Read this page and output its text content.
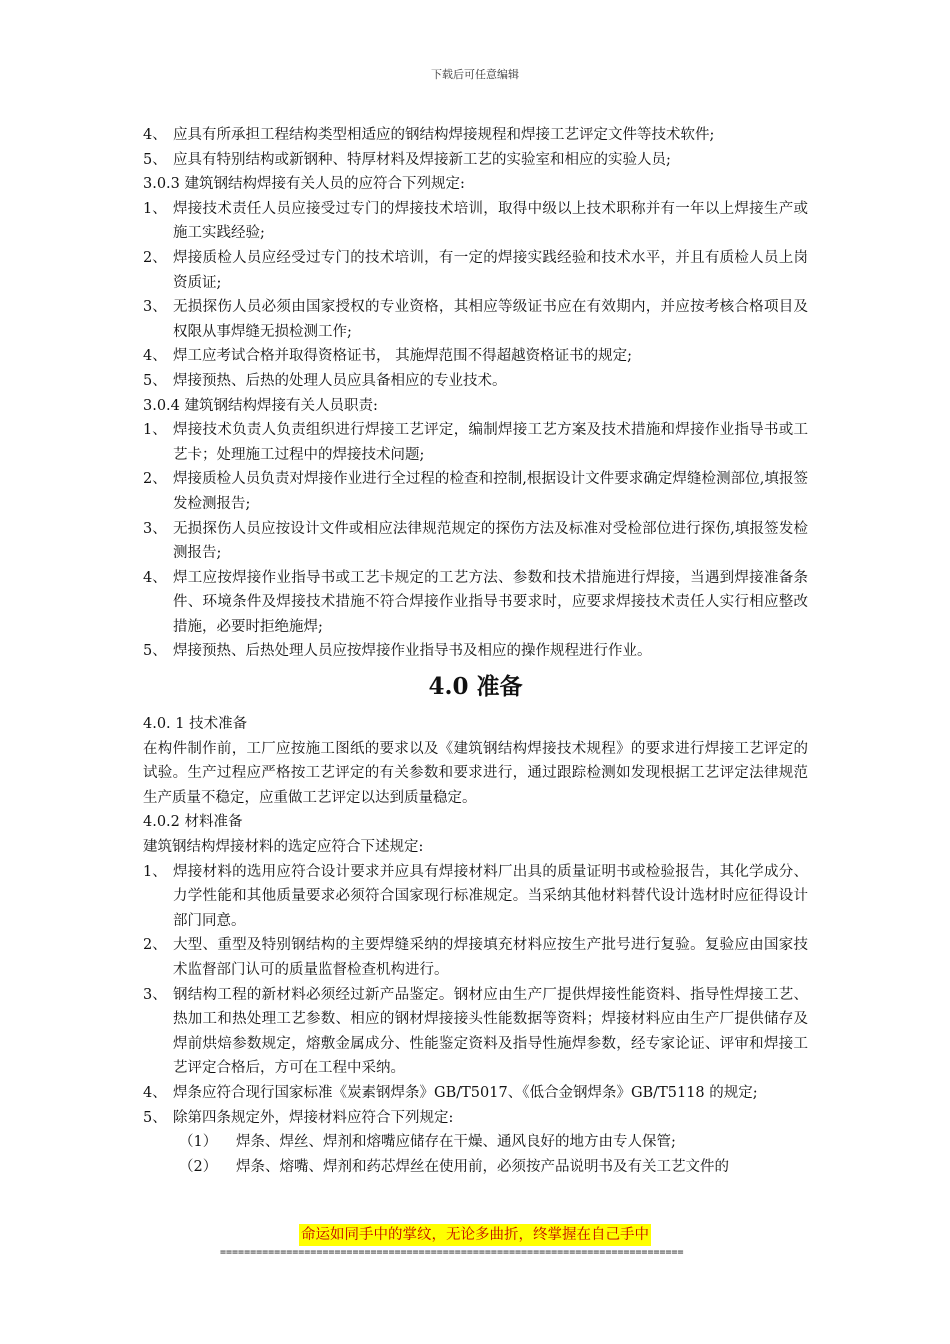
下载后可任意编辑
4、 应具有所承担工程结构类型相适应的钢结构焊接规程和焊接工艺评定文件等技术软件;
5、 应具有特别结构或新钢种、特厚材料及焊接新工艺的实验室和相应的实验人员;
3.0.3 建筑钢结构焊接有关人员的应符合下列规定:
1、 焊接技术责任人员应接受过专门的焊接技术培训，取得中级以上技术职称并有一年以上焊接生产或施工实践经验;
2、 焊接质检人员应经受过专门的技术培训，有一定的焊接实践经验和技术水平，并且有质检人员上岗资质证;
3、 无损探伤人员必须由国家授权的专业资格，其相应等级证书应在有效期内，并应按考核合格项目及权限从事焊缝无损检测工作;
4、 焊工应考试合格并取得资格证书， 其施焊范围不得超越资格证书的规定;
5、 焊接预热、后热的处理人员应具备相应的专业技术。
3.0.4 建筑钢结构焊接有关人员职责:
1、 焊接技术负责人负责组织进行焊接工艺评定，编制焊接工艺方案及技术措施和焊接作业指导书或工艺卡；处理施工过程中的焊接技术问题;
2、 焊接质检人员负责对焊接作业进行全过程的检查和控制,根据设计文件要求确定焊缝检测部位,填报签发检测报告;
3、 无损探伤人员应按设计文件或相应法律规范规定的探伤方法及标准对受检部位进行探伤,填报签发检测报告;
4、 焊工应按焊接作业指导书或工艺卡规定的工艺方法、参数和技术措施进行焊接，当遇到焊接准备条件、环境条件及焊接技术措施不符合焊接作业指导书要求时，应要求焊接技术责任人实行相应整改措施，必要时拒绝施焊;
5、 焊接预热、后热处理人员应按焊接作业指导书及相应的操作规程进行作业。
4.0 准备
4.0. 1 技术准备
在构件制作前，工厂应按施工图纸的要求以及《建筑钢结构焊接技术规程》的要求进行焊接工艺评定的试验。生产过程应严格按工艺评定的有关参数和要求进行，通过跟踪检测如发现根据工艺评定法律规范生产质量不稳定，应重做工艺评定以达到质量稳定。
4.0.2 材料准备
建筑钢结构焊接材料的选定应符合下述规定:
1、 焊接材料的选用应符合设计要求并应具有焊接材料厂出具的质量证明书或检验报告，其化学成分、力学性能和其他质量要求必须符合国家现行标准规定。当采纳其他材料替代设计选材时应征得设计部门同意。
2、 大型、重型及特别钢结构的主要焊缝采纳的焊接填充材料应按生产批号进行复验。复验应由国家技术监督部门认可的质量监督检查机构进行。
3、 钢结构工程的新材料必须经过新产品鉴定。钢材应由生产厂提供焊接性能资料、指导性焊接工艺、热加工和热处理工艺参数、相应的钢材焊接接头性能数据等资料；焊接材料应由生产厂提供储存及焊前烘焙参数规定，熔敷金属成分、性能鉴定资料及指导性施焊参数，经专家论证、评审和焊接工艺评定合格后，方可在工程中采纳。
4、 焊条应符合现行国家标准《炭素钢焊条》GB/T5017、《低合金钢焊条》GB/T5118 的规定;
5、 除第四条规定外，焊接材料应符合下列规定:
（1）	焊条、焊丝、焊剂和熔嘴应储存在干燥、通风良好的地方由专人保管;
（2）	焊条、熔嘴、焊剂和药芯焊丝在使用前，必须按产品说明书及有关工艺文件的
命运如同手中的掌纹，无论多曲折，终掌握在自己手中
=============================================================================
